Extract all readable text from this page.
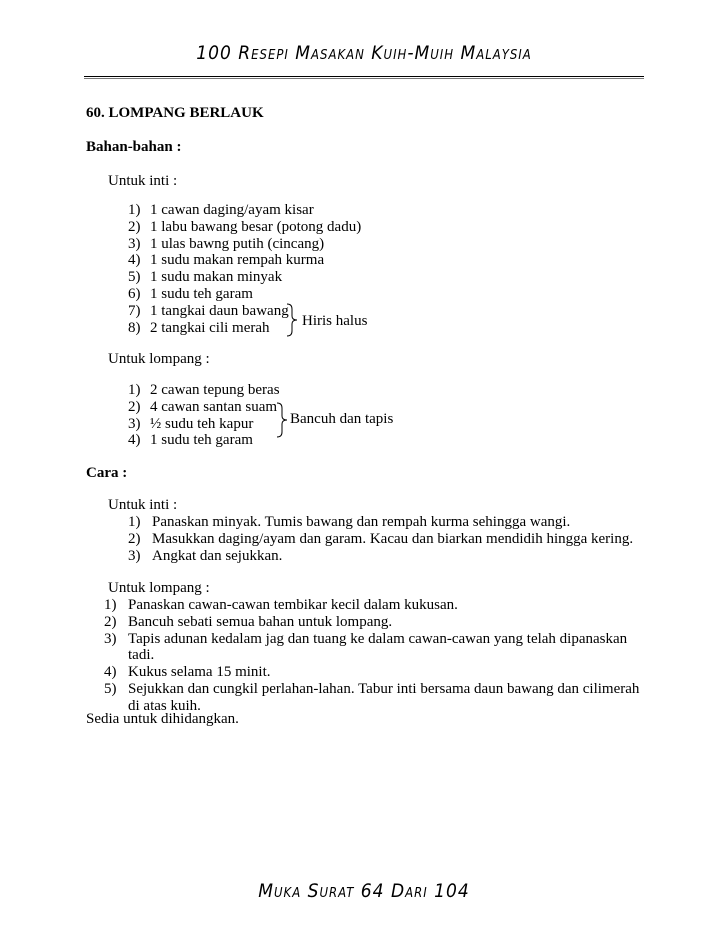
100 Resepi Masakan Kuih-Muih Malaysia
60. LOMPANG BERLAUK
Bahan-bahan :
Untuk inti :
1) 1 cawan daging/ayam kisar
2) 1 labu bawang besar (potong dadu)
3) 1 ulas bawng putih (cincang)
4) 1 sudu makan rempah kurma
5) 1 sudu makan minyak
6) 1 sudu teh garam
7) 1 tangkai daun bawang
8) 2 tangkai cili merah	Hiris halus
Untuk lompang :
1) 2 cawan tepung beras
2) 4 cawan santan suam
3) ½ sudu teh kapur
4) 1 sudu teh garam
Bancuh dan tapis
Cara :
Untuk inti :
1) Panaskan minyak. Tumis bawang dan rempah kurma sehingga wangi.
2) Masukkan daging/ayam dan garam. Kacau dan biarkan mendidih hingga kering.
3) Angkat dan sejukkan.
Untuk lompang :
1) Panaskan cawan-cawan tembikar kecil dalam kukusan.
2) Bancuh sebati semua bahan untuk lompang.
3) Tapis adunan kedalam jag dan tuang ke dalam cawan-cawan yang telah dipanaskan tadi.
4) Kukus selama 15 minit.
5) Sejukkan dan cungkil perlahan-lahan. Tabur inti bersama daun bawang dan cilimerah di atas kuih.
Sedia untuk dihidangkan.
Muka Surat 64 Dari 104
